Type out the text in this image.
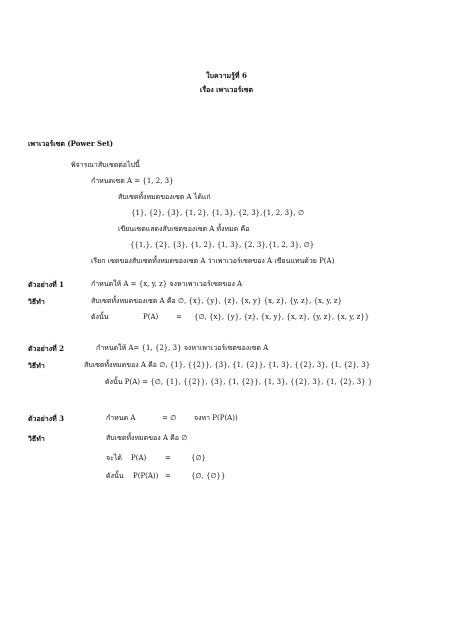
ใบความรู้ที่ 6
เรื่อง เพาเวอร์เซต
เพาเวอร์เซต (Power Set)
พิจารณาสับเซตต่อไปนี้
กำหนดเซต A = {1, 2, 3}
สับเซตทั้งหมดของเซต A ได้แก่
{1}, {2}, {3}, {1, 2}, {1, 3}, {2, 3},{1, 2, 3}, ∅
เขียนเซตแสดงสับเซตของเซต A ทั้งหมด คือ
{{1,}, {2}, {3}, {1, 2}, {1, 3}, {2, 3},{1, 2, 3}, ∅}
เรียก เซตของสับเซตทั้งหมดของเซต A ว่าเพาเวอร์เซตของ A เขียนแทนด้วย P(A)
ตัวอย่างที่ 1	กำหนดให้ A = {x, y, z} จงหาเพาเวอร์เซตของ A
วิธีทำ	สับเซตทั้งหมดของเซต A คือ ∅, {x}, {y}, {z}, {x, y} {x, z}, {y, z}, {x, y, z}
ดังนั้น	P(A)	= {∅, {x}, {y}, {z}, {x, y}, {x, z}, {y, z}, {x, y, z}}
ตัวอย่างที่ 2	กำหนดให้ A= {1, {2}, 3} จงหาเพาเวอร์เซตของเซต A
วิธีทำ	สับเซตทั้งหมดของ A คือ ∅, {1}, {{2}}, {3}, {1, {2}}, {1, 3}, {{2}, 3}, {1, {2}, 3}
ดังนั้น P(A) = {∅, {1}, {{2}}, {3}, {1, {2}}, {1, 3}, {{2}, 3}, {1, {2}, 3} }
ตัวอย่างที่ 3	กำหนด A	= ∅	จงหา P(P(A))
วิธีทำ	สับเซตทั้งหมดของ A คือ ∅
จะได้ P(A)	=	{∅}
ดังนั้น P(P(A)) =	{∅, {∅}}
